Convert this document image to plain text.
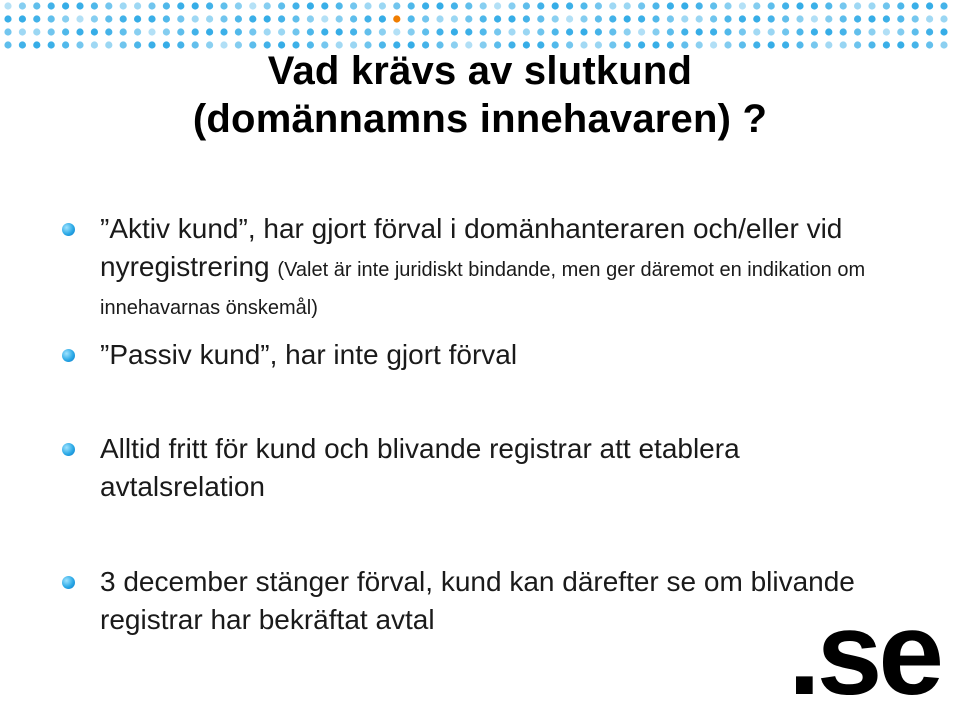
Vad krävs av slutkund
(domännamns innehavaren) ?
”Aktiv kund”, har gjort förval i domänhanteraren och/eller vid nyregistrering (Valet är inte juridiskt bindande, men ger däremot en indikation om innehavarnas önskemål)
”Passiv kund”, har inte gjort förval
Alltid fritt för kund och blivande registrar att etablera avtalsrelation
3 december stänger förval, kund kan därefter se om blivande registrar har bekräftat avtal	.se
